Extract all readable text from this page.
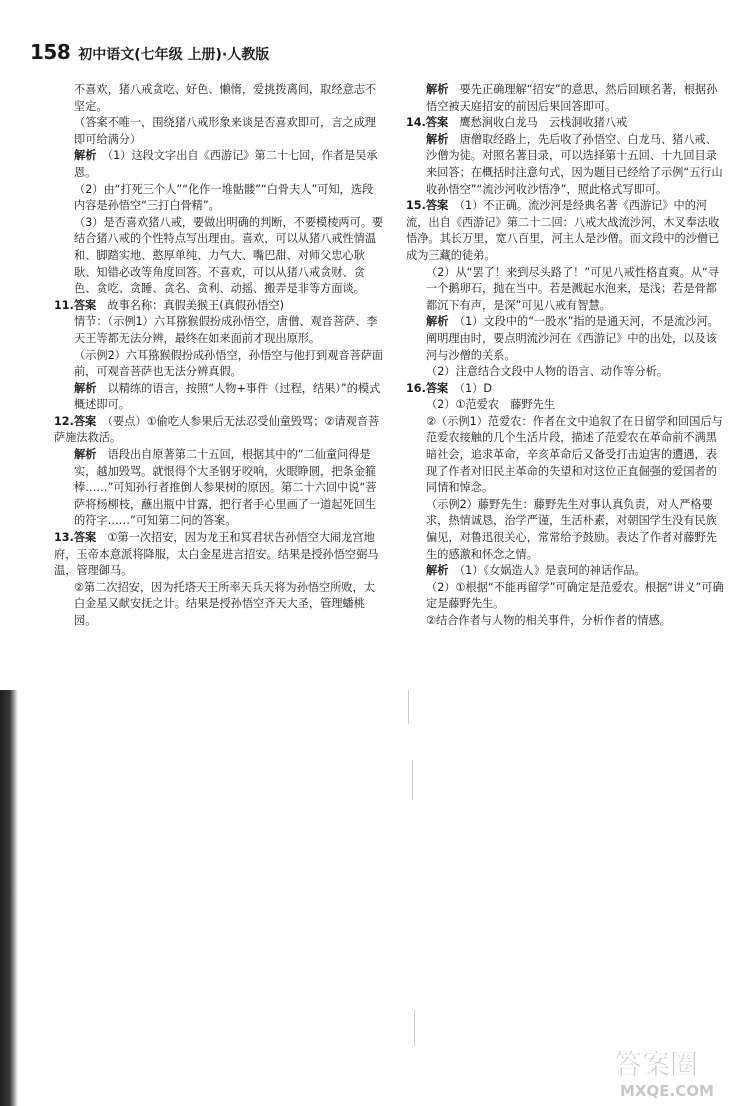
158 初中语文(七年级 上册)·人教版

不喜欢，猪八戒贪吃、好色、懒惰，爱挑拨离间，取经意志不坚定。

（答案不唯一，围绕猪八戒形象来谈是否喜欢即可，言之成理即可给满分）

解析　 （1）这段文字出自《西游记》第二十七回，作者是吴承恩。

（2）由“打死三个人”“化作一堆骷髅”“白骨夫人”可知，选段内容是孙悟空“三打白骨精”。

（3）是否喜欢猪八戒，要做出明确的判断，不要模棱两可。要结合猪八戒的个性特点写出理由。喜欢，可以从猪八戒性情温和、脚踏实地、憨厚单纯、力气大、嘴巴甜、对师父忠心耿耿、知错必改等角度回答。不喜欢，可以从猪八戒贪财、贪色、贪吃、贪睡、贪名、贪利、动摇、搬弄是非等方面谈。

11.答案　 故事名称：真假美猴王(真假孙悟空)

情节：（示例1）六耳猕猴假扮成孙悟空，唐僧、观音菩萨、李天王等都无法分辨，最终在如来面前才现出原形。

（示例2）六耳猕猴假扮成孙悟空，孙悟空与他打到观音菩萨面前，可观音菩萨也无法分辨真假。

解析　 以精练的语言，按照“人物+事件（过程，结果）”的模式概述即可。

12.答案　 （要点）①偷吃人参果后无法忍受仙童毁骂；②请观音菩萨施法救活。

解析　 语段出自原著第二十五回，根据其中的“二仙童问得是实，越加毁骂。就恨得个大圣钢牙咬响，火眼睁圆，把条金箍棒……”可知孙行者推倒人参果树的原因。第二十六回中说“菩萨将杨柳枝，蘸出瓶中甘露，把行者手心里画了一道起死回生的符字……”可知第二问的答案。

13.答案　 ①第一次招安，因为龙王和冥君状告孙悟空大闹龙宫地府，玉帝本意派将降服，太白金星进言招安。结果是授孙悟空弼马温，管理御马。

②第二次招安，因为托塔天王所率天兵天将为孙悟空所败，太白金星又献安抚之计。结果是授孙悟空齐天大圣，管理蟠桃园。

解析　 要先正确理解“招安”的意思，然后回顾名著，根据孙悟空被天庭招安的前因后果回答即可。

14.答案　 鹰愁涧收白龙马　云栈洞收猪八戒

解析　 唐僧取经路上，先后收了孙悟空、白龙马、猪八戒、沙僧为徒。对照名著目录，可以选择第十五回、十九回目录来回答；在概括时注意句式，因为题目已经给了示例“五行山收孙悟空”“流沙河收沙悟净”，照此格式写即可。

15.答案　 （1）不正确。流沙河是经典名著《西游记》中的河流，出自《西游记》第二十二回：八戒大战流沙河，木叉奉法收悟净。其长万里，宽八百里，河主人是沙僧。而文段中的沙僧已成为三藏的徒弟。

（2）从“罢了！来到尽头路了！”可见八戒性格直爽。从“寻一个鹅卵石，抛在当中。若是溅起水泡来，是浅；若是骨都都沉下有声，是深”可见八戒有智慧。

解析　 （1）文段中的“一股水”指的是通天河，不是流沙河。阐明理由时，要点明流沙河在《西游记》中的出处，以及该河与沙僧的关系。

（2）注意结合文段中人物的语言、动作等分析。

16.答案　 （1）D

（2）①范爱农　藤野先生

②（示例1）范爱农：作者在文中追叙了在日留学和回国后与范爱农接触的几个生活片段，描述了范爱农在革命前不满黑暗社会，追求革命，辛亥革命后又备受打击迫害的遭遇，表现了作者对旧民主革命的失望和对这位正直倔强的爱国者的同情和悼念。

（示例2）藤野先生：藤野先生对事认真负责，对人严格要求，热情诚恳，治学严谨，生活朴素，对朝国学生没有民族偏见，对鲁迅很关心，常常给予鼓励。表达了作者对藤野先生的感激和怀念之情。

解析　 （1）《女娲造人》是袁珂的神话作品。

（2）①根据“不能再留学”可确定是范爱农。根据“讲义”可确定是藤野先生。

②结合作者与人物的相关事件，分析作者的情感。

答案圈
MXQE.COM
